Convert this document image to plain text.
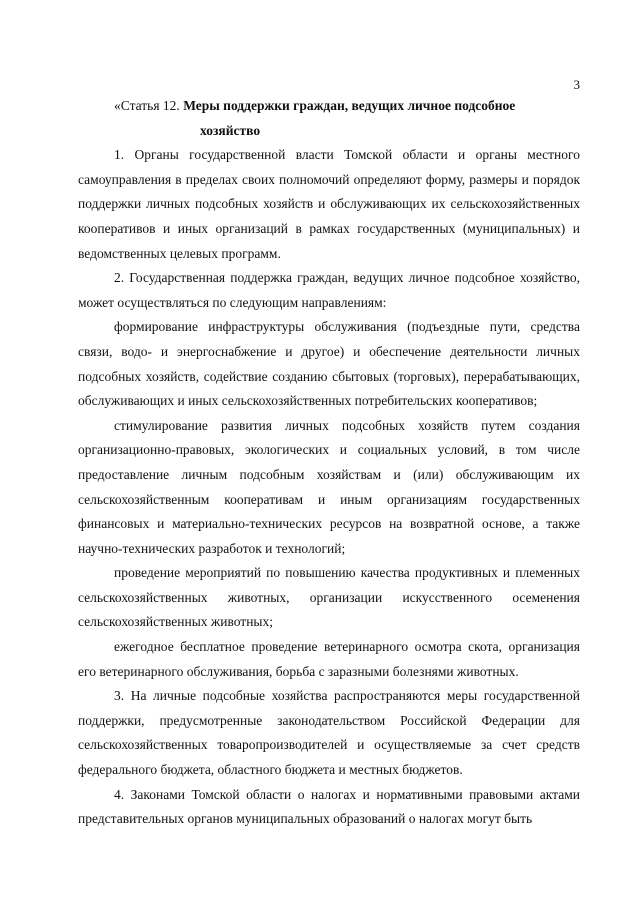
3

«Статья 12. Меры поддержки граждан, ведущих личное подсобное

хозяйство

1. Органы государственной власти Томской области и органы местного самоуправления в пределах своих полномочий определяют форму, размеры и порядок поддержки личных подсобных хозяйств и обслуживающих их сельскохозяйственных кооперативов и иных организаций в рамках государственных (муниципальных) и ведомственных целевых программ.

2. Государственная поддержка граждан, ведущих личное подсобное хозяйство, может осуществляться по следующим направлениям:

формирование инфраструктуры обслуживания (подъездные пути, средства связи, водо- и энергоснабжение и другое) и обеспечение деятельности личных подсобных хозяйств, содействие созданию сбытовых (торговых), перерабатывающих, обслуживающих и иных сельскохозяйственных потребительских кооперативов;

стимулирование развития личных подсобных хозяйств путем создания организационно-правовых, экологических и социальных условий, в том числе предоставление личным подсобным хозяйствам и (или) обслуживающим их сельскохозяйственным кооперативам и иным организациям государственных финансовых и материально-технических ресурсов на возвратной основе, а также научно-технических разработок и технологий;

проведение мероприятий по повышению качества продуктивных и племенных сельскохозяйственных животных, организации искусственного осеменения сельскохозяйственных животных;

ежегодное бесплатное проведение ветеринарного осмотра скота, организация его ветеринарного обслуживания, борьба с заразными болезнями животных.

3. На личные подсобные хозяйства распространяются меры государственной поддержки, предусмотренные законодательством Российской Федерации для сельскохозяйственных товаропроизводителей и осуществляемые за счет средств федерального бюджета, областного бюджета и местных бюджетов.

4. Законами Томской области о налогах и нормативными правовыми актами представительных органов муниципальных образований о налогах могут быть
